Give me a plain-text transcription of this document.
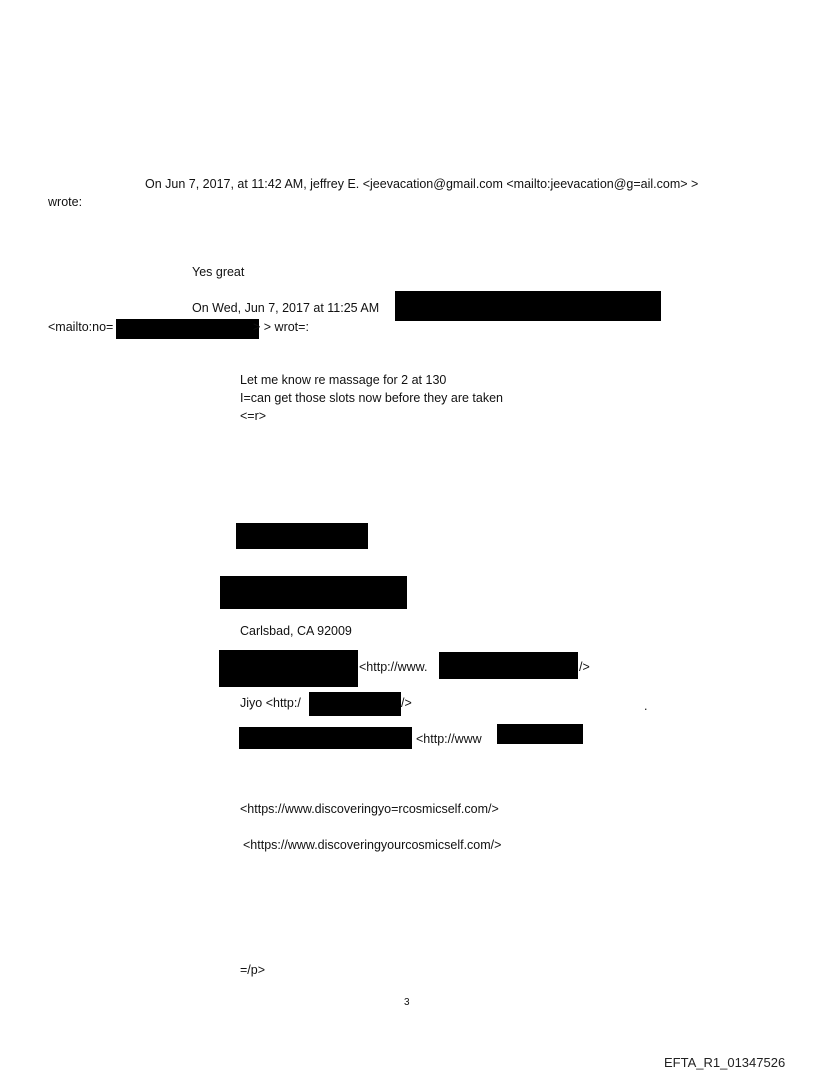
On Jun 7, 2017, at 11:42 AM, jeffrey E. <jeevacation@gmail.com <mailto:jeevacation@g=ail.com> >
wrote:
Yes great
On Wed, Jun 7, 2017 at 11:25 AM
<mailto:no=	> > wrot=:
Let me know re massage for 2 at 130
I=can get those slots now before they are taken
<=r>
Carlsbad, CA 92009
<http://www.	/>
Jiyo <http:/	/>	.
<http://www
<https://www.discoveringyo=rcosmicself.com/>
<https://www.discoveringyourcosmicself.com/>
=/p>
3
EFTA_R1_01347526
